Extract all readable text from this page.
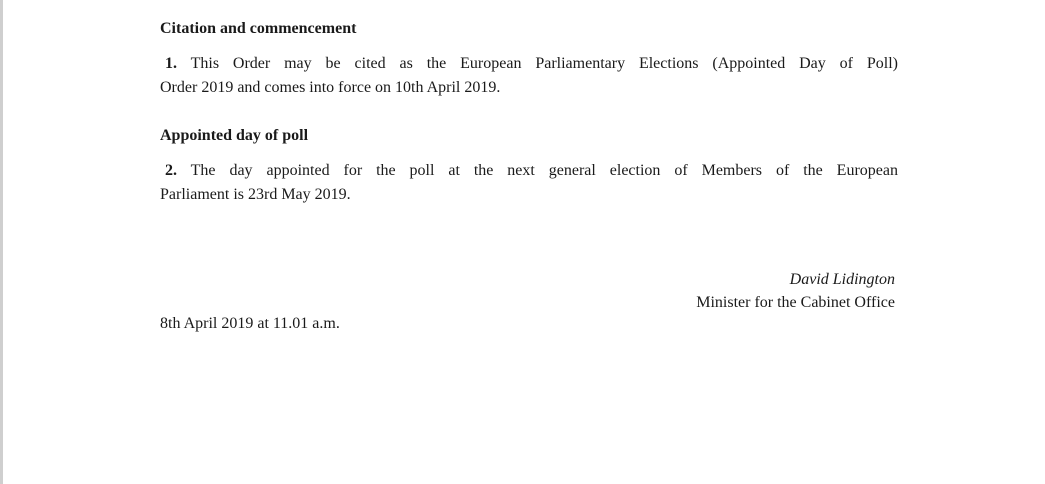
Citation and commencement
1. This Order may be cited as the European Parliamentary Elections (Appointed Day of Poll)
Order 2019 and comes into force on 10th April 2019.
Appointed day of poll
2. The day appointed for the poll at the next general election of Members of the European
Parliament is 23rd May 2019.
David Lidington
Minister for the Cabinet Office
8th April 2019 at 11.01 a.m.
